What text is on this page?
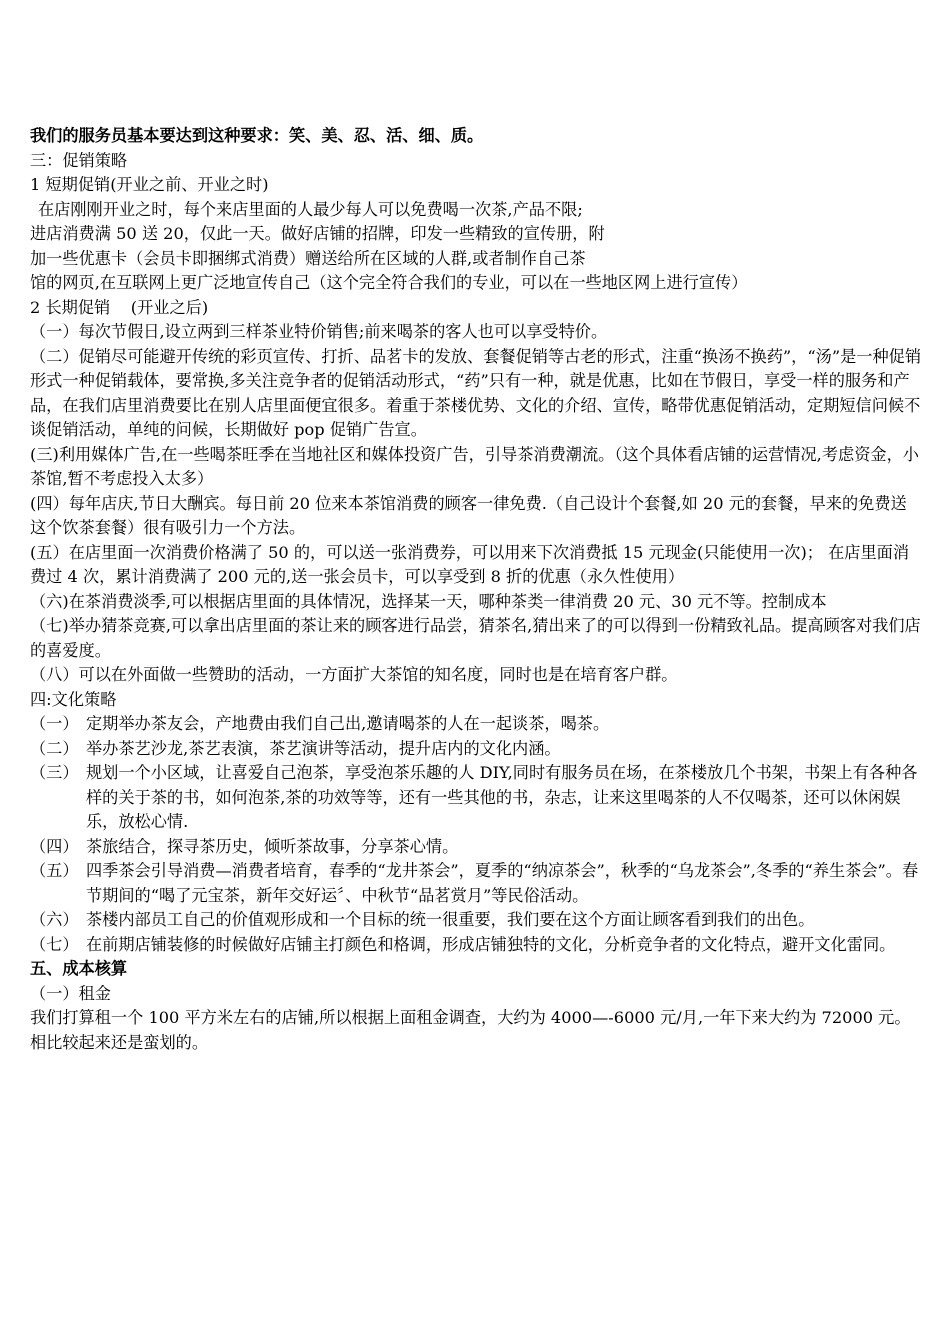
我们的服务员基本要达到这种要求：笑、美、忍、活、细、质。
三：促销策略
1 短期促销(开业之前、开业之时)
在店刚刚开业之时，每个来店里面的人最少每人可以免费喝一次茶,产品不限;
进店消费满 50 送 20，仅此一天。做好店铺的招牌，印发一些精致的宣传册，附
加一些优惠卡（会员卡即捆绑式消费）赠送给所在区域的人群,或者制作自己茶
馆的网页,在互联网上更广泛地宣传自己（这个完全符合我们的专业，可以在一些地区网上进行宣传）
2 长期促销    (开业之后)
（一）每次节假日,设立两到三样茶业特价销售;前来喝茶的客人也可以享受特价。
（二）促销尽可能避开传统的彩页宣传、打折、品茗卡的发放、套餐促销等古老的形式，注重“换汤不换药”，“汤”是一种促销形式一种促销载体，要常换,多关注竞争者的促销活动形式，“药”只有一种，就是优惠，比如在节假日，享受一样的服务和产品，在我们店里消费要比在别人店里面便宜很多。着重于茶楼优势、文化的介绍、宣传，略带优惠促销活动，定期短信问候不谈促销活动，单纯的问候，长期做好 pop 促销广告宣。
(三)利用媒体广告,在一些喝茶旺季在当地社区和媒体投资广告，引导茶消费潮流。（这个具体看店铺的运营情况,考虑资金，小茶馆,暂不考虑投入太多）
(四）每年店庆,节日大酬宾。每日前 20 位来本茶馆消费的顾客一律免费.（自己设计个套餐,如 20 元的套餐，早来的免费送这个饮茶套餐）很有吸引力一个方法。
(五）在店里面一次消费价格满了 50 的，可以送一张消费券，可以用来下次消费抵 15 元现金(只能使用一次)； 在店里面消费过 4 次，累计消费满了 200 元的,送一张会员卡，可以享受到 8 折的优惠（永久性使用）
（六)在茶消费淡季,可以根据店里面的具体情况，选择某一天，哪种茶类一律消费 20 元、30 元不等。控制成本
（七)举办猜茶竞赛,可以拿出店里面的茶让来的顾客进行品尝，猜茶名,猜出来了的可以得到一份精致礼品。提高顾客对我们店的喜爱度。
（八）可以在外面做一些赞助的活动，一方面扩大茶馆的知名度，同时也是在培育客户群。
四:文化策略
（一） 定期举办茶友会，产地费由我们自己出,邀请喝茶的人在一起谈茶，喝茶。
（二） 举办茶艺沙龙,茶艺表演，茶艺演讲等活动，提升店内的文化内涵。
（三） 规划一个小区域，让喜爱自己泡茶，享受泡茶乐趣的人 DIY,同时有服务员在场，在茶楼放几个书架，书架上有各种各样的关于茶的书，如何泡茶,茶的功效等等，还有一些其他的书，杂志，让来这里喝茶的人不仅喝茶，还可以休闲娱乐，放松心情.
（四） 茶旅结合，探寻茶历史，倾听茶故事，分享茶心情。
（五） 四季茶会引导消费—消费者培育，春季的“龙井茶会”，夏季的“纳凉茶会”，秋季的“乌龙茶会”,冬季的“养生茶会”。春节期间的“喝了元宝茶，新年交好运〞、中秋节“品茗赏月”等民俗活动。
（六） 茶楼内部员工自己的价值观形成和一个目标的统一很重要，我们要在这个方面让顾客看到我们的出色。
（七） 在前期店铺装修的时候做好店铺主打颜色和格调，形成店铺独特的文化，分析竞争者的文化特点，避开文化雷同。
五、成本核算
（一）租金
我们打算租一个 100 平方米左右的店铺,所以根据上面租金调查，大约为 4000—-6000 元/月,一年下来大约为 72000 元。相比较起来还是蛮划的。
